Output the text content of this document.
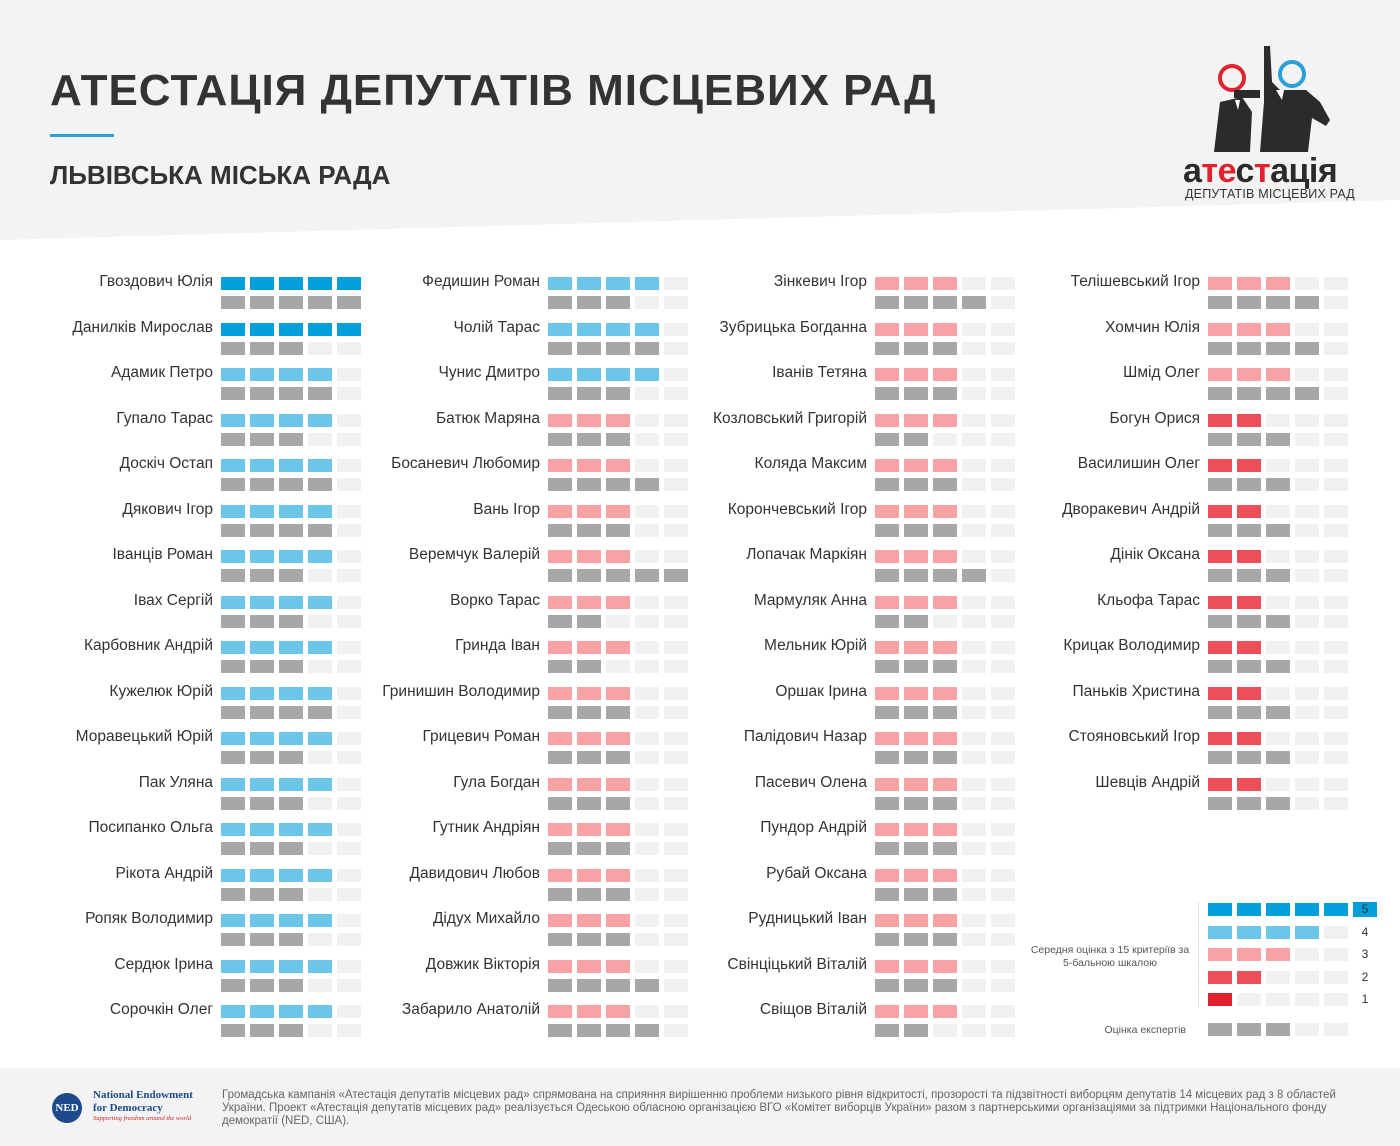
АТЕСТАЦІЯ ДЕПУТАТІВ МІСЦЕВИХ РАД
ЛЬВІВСЬКА МІСЬКА РАДА	атестація
ДЕПУТАТІВ МІСЦЕВИХ РАД
Гвоздович Юлія
Данилків Мирослав
Адамик Петро
Гупало Тарас
Доскіч Остап
Дякович Ігор
Іванців Роман
Івах Сергій
Карбовник Андрій
Кужелюк Юрій
Моравецький Юрій
Пак Уляна
Посипанко Ольга
Рікота Андрій
Ропяк Володимир
Сердюк Ірина
Сорочкін Олег
Федишин Роман
Чолій Тарас
Чунис Дмитро
Батюк Маряна
Босаневич Любомир
Вань Ігор
Веремчук Валерій
Ворко Тарас
Гринда Іван
Гринишин Володимир
Грицевич Роман
Гула Богдан
Гутник Андріян
Давидович Любов
Дідух Михайло
Довжик Вікторія
Забарило Анатолій
Зінкевич Ігор
Зубрицька Богданна
Іванів Тетяна
Козловський Григорій
Коляда Максим
Корончевський Ігор
Лопачак Маркіян
Мармуляк Анна
Мельник Юрій
Оршак Ірина
Палідович Назар
Пасевич Олена
Пундор Андрій
Рубай Оксана
Рудницький Іван
Свінціцький Віталій
Свіщов Віталій
Телішевський Ігор
Хомчин Юлія
Шмід Олег
Богун Орися
Василишин Олег
Дворакевич Андрій
Дінік Оксана
Кльофа Тарас
Крицак Володимир
Паньків Христина
Стояновський Ігор
Шевців Андрій
Середня оцінка з 15 критеріїв за 5-бальною шкалою
Оцінка експертів
5
4
3
2
1
NED
National Endowment
for Democracy
Supporting freedom around the world
Громадська кампанія «Атестація депутатів місцевих рад» спрямована на сприяння вирішенню проблеми низького рівня відкритості, прозорості та підзвітності виборцям депутатів 14 місцевих рад з 8 областей України. Проект «Атестація депутатів місцевих рад» реалізується Одеською обласною організацією ВГО «Комітет виборців України» разом з партнерськими організаціями за підтримки Національного фонду демократії (NED, США).
